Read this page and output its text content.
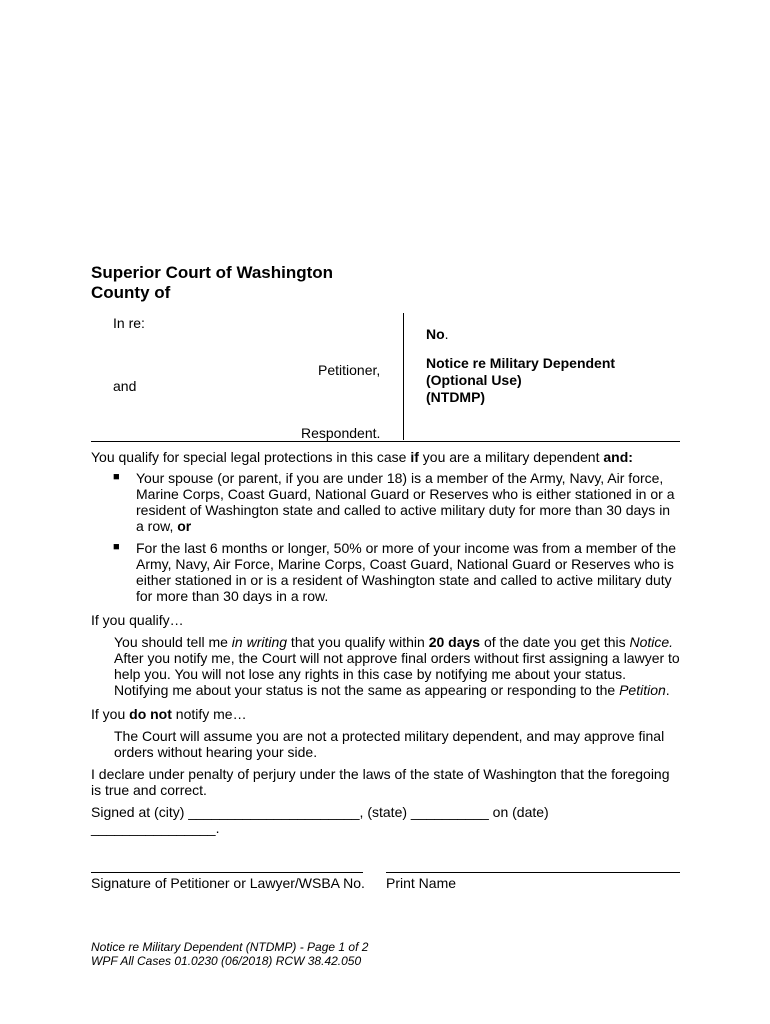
Superior Court of Washington
County of
In re:
Petitioner,
and
Respondent.
No.
Notice re Military Dependent
(Optional Use)
(NTDMP)

You qualify for special legal protections in this case if you are a military dependent and:

■ Your spouse (or parent, if you are under 18) is a member of the Army, Navy, Air force, Marine Corps, Coast Guard, National Guard or Reserves who is either stationed in or a resident of Washington state and called to active military duty for more than 30 days in a row, or
■ For the last 6 months or longer, 50% or more of your income was from a member of the Army, Navy, Air Force, Marine Corps, Coast Guard, National Guard or Reserves who is either stationed in or is a resident of Washington state and called to active military duty for more than 30 days in a row.

If you qualify…

You should tell me in writing that you qualify within 20 days of the date you get this Notice. After you notify me, the Court will not approve final orders without first assigning a lawyer to help you. You will not lose any rights in this case by notifying me about your status. Notifying me about your status is not the same as appearing or responding to the Petition.

If you do not notify me…

The Court will assume you are not a protected military dependent, and may approve final orders without hearing your side.

I declare under penalty of perjury under the laws of the state of Washington that the foregoing is true and correct.

Signed at (city) ______________________, (state) __________ on (date)

________________.

Signature of Petitioner or Lawyer/WSBA No. Print Name
Notice re Military Dependent (NTDMP) - Page 1 of 2
WPF All Cases 01.0230 (06/2018) RCW 38.42.050
